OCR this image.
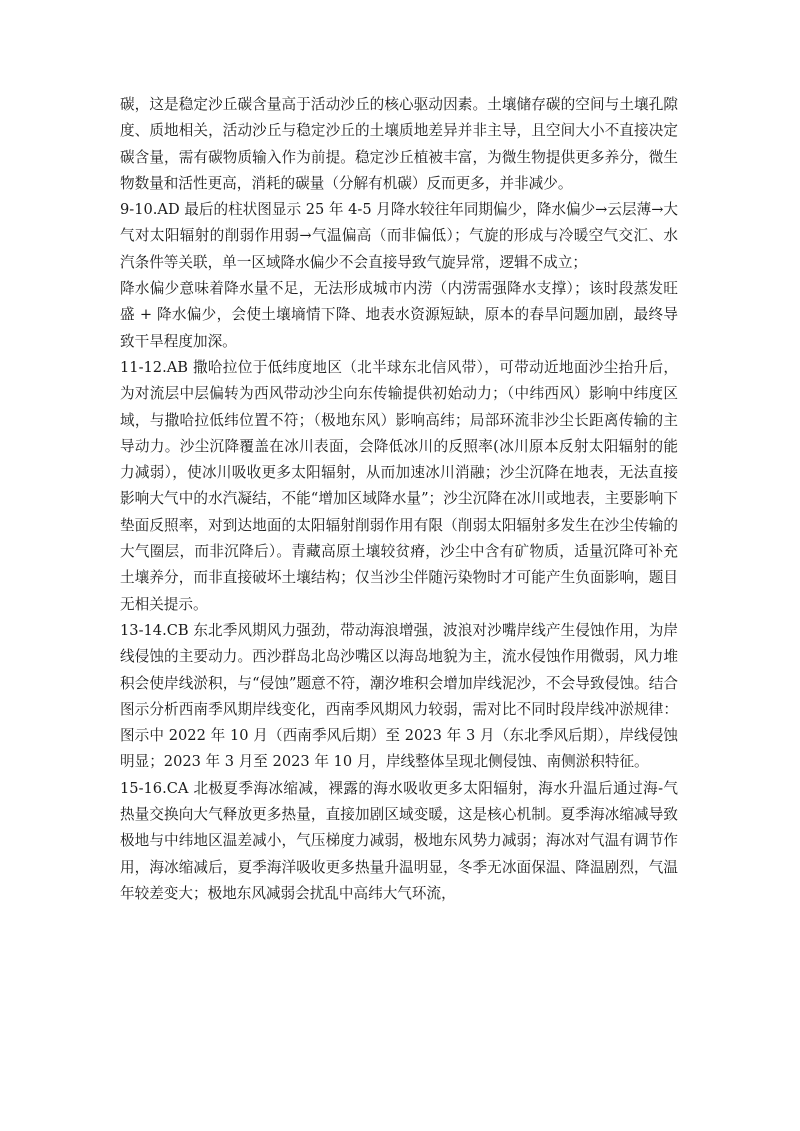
碳，这是稳定沙丘碳含量高于活动沙丘的核心驱动因素。土壤储存碳的空间与土壤孔隙度、质地相关，活动沙丘与稳定沙丘的土壤质地差异并非主导，且空间大小不直接决定碳含量，需有碳物质输入作为前提。稳定沙丘植被丰富，为微生物提供更多养分，微生物数量和活性更高，消耗的碳量（分解有机碳）反而更多，并非减少。

9-10.AD 最后的柱状图显示 25 年 4-5 月降水较往年同期偏少，降水偏少→云层薄→大气对太阳辐射的削弱作用弱→气温偏高（而非偏低）；气旋的形成与冷暖空气交汇、水汽条件等关联，单一区域降水偏少不会直接导致气旋异常，逻辑不成立；

降水偏少意味着降水量不足，无法形成城市内涝（内涝需强降水支撑）；该时段蒸发旺盛 + 降水偏少，会使土壤墒情下降、地表水资源短缺，原本的春旱问题加剧，最终导致干旱程度加深。

11-12.AB 撒哈拉位于低纬度地区（北半球东北信风带），可带动近地面沙尘抬升后，为对流层中层偏转为西风带动沙尘向东传输提供初始动力；（中纬西风）影响中纬度区域，与撒哈拉低纬位置不符；（极地东风）影响高纬；局部环流非沙尘长距离传输的主导动力。沙尘沉降覆盖在冰川表面，会降低冰川的反照率(冰川原本反射太阳辐射的能力减弱），使冰川吸收更多太阳辐射，从而加速冰川消融；沙尘沉降在地表，无法直接影响大气中的水汽凝结，不能“增加区域降水量”；沙尘沉降在冰川或地表，主要影响下垫面反照率，对到达地面的太阳辐射削弱作用有限（削弱太阳辐射多发生在沙尘传输的大气圈层，而非沉降后）。青藏高原土壤较贫瘠，沙尘中含有矿物质，适量沉降可补充土壤养分，而非直接破坏土壤结构；仅当沙尘伴随污染物时才可能产生负面影响，题目无相关提示。

13-14.CB 东北季风期风力强劲，带动海浪增强，波浪对沙嘴岸线产生侵蚀作用，为岸线侵蚀的主要动力。西沙群岛北岛沙嘴区以海岛地貌为主，流水侵蚀作用微弱，风力堆积会使岸线淤积，与“侵蚀”题意不符，潮汐堆积会增加岸线泥沙，不会导致侵蚀。结合图示分析西南季风期岸线变化，西南季风期风力较弱，需对比不同时段岸线冲淤规律：图示中 2022 年 10 月（西南季风后期）至 2023 年 3 月（东北季风后期），岸线侵蚀明显；2023 年 3 月至 2023 年 10 月，岸线整体呈现北侧侵蚀、南侧淤积特征。

15-16.CA 北极夏季海冰缩减，裸露的海水吸收更多太阳辐射，海水升温后通过海-气热量交换向大气释放更多热量，直接加剧区域变暖，这是核心机制。夏季海冰缩减导致极地与中纬地区温差减小，气压梯度力减弱，极地东风势力减弱；海冰对气温有调节作用，海冰缩减后，夏季海洋吸收更多热量升温明显，冬季无冰面保温、降温剧烈，气温年较差变大；极地东风减弱会扰乱中高纬大气环流，
